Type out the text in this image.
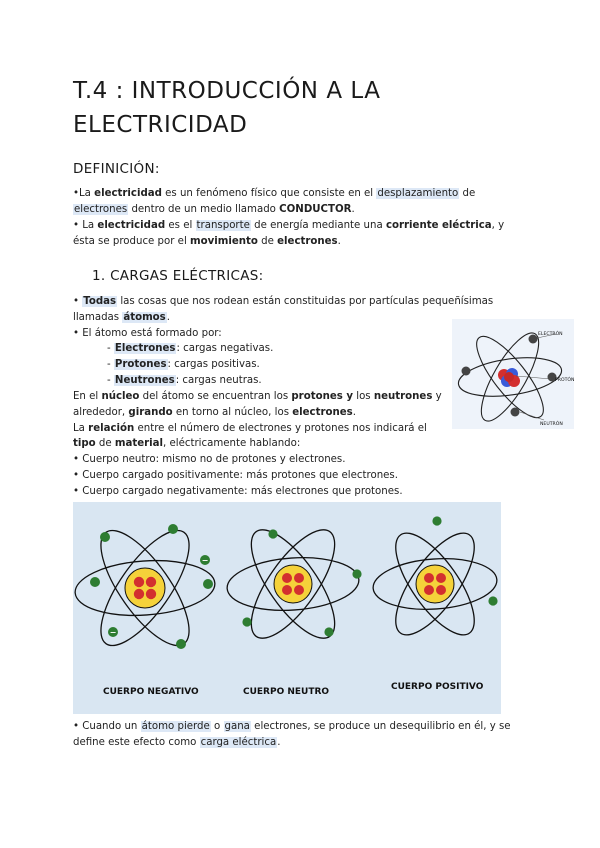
T.4 : INTRODUCCIÓN A LA
ELECTRICIDAD
DEFINICIÓN:
•La electricidad es un fenómeno físico que consiste en el desplazamiento de
electrones dentro de un medio llamado CONDUCTOR.
• La electricidad es el transporte de energía mediante una corriente eléctrica, y
ésta se produce por el movimiento de electrones.
1. CARGAS ELÉCTRICAS:
• Todas las cosas que nos rodean están constituidas por partículas pequeñísimas
llamadas átomos.
• El átomo está formado por:
- Electrones: cargas negativas.
- Protones: cargas positivas.
- Neutrones: cargas neutras.
En el núcleo del átomo se encuentran los protones y los neutrones y
alrededor, girando en torno al núcleo, los electrones.
La relación entre el número de electrones y protones nos indicará el
tipo de material, eléctricamente hablando:
• Cuerpo neutro: mismo no de protones y electrones.
• Cuerpo cargado positivamente: más protones que electrones.
• Cuerpo cargado negativamente: más electrones que protones.
ELECTRÓN
PROTÓN
NEUTRÓN
−
−
CUERPO NEGATIVO	CUERPO NEUTRO	CUERPO POSITIVO
• Cuando un átomo pierde o gana electrones, se produce un desequilibrio en él, y se
define este efecto como carga eléctrica.
